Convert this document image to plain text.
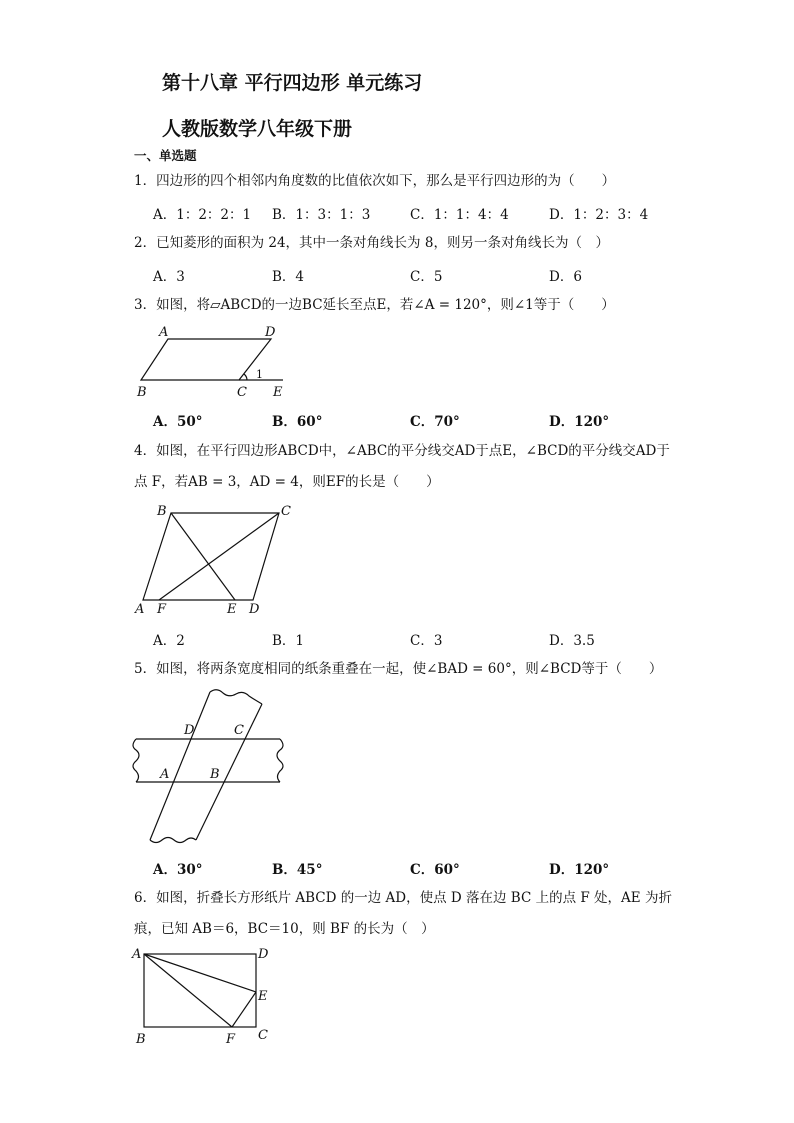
第十八章 平行四边形 单元练习
人教版数学八年级下册
一、单选题
1．四边形的四个相邻内角度数的比值依次如下，那么是平行四边形的为（　　）
A．1：2：2：1 B．1：3：1：3	C．1：1：4：4	D．1：2：3：4
2．已知菱形的面积为 24，其中一条对角线长为 8，则另一条对角线长为（　）
A．3	B．4	C．5	D．6
3．如图，将▱ABCD的一边BC延长至点E，若∠A = 120°，则∠1等于（　　）
A	D
B	C E
1
A．50°	B．60°	C．70°	D．120°
4．如图，在平行四边形ABCD中，∠ABC的平分线交AD于点E，∠BCD的平分线交AD于
点 F，若AB = 3，AD = 4，则EF的长是（　　）
B	C
A F	E D
A．2	B．1	C．3	D．3.5
5．如图，将两条宽度相同的纸条重叠在一起，使∠BAD = 60°，则∠BCD等于（　　）
D	C
A	B
A．30°	B．45°	C．60°	D．120°
6．如图，折叠长方形纸片 ABCD 的一边 AD，使点 D 落在边 BC 上的点 F 处，AE 为折
痕，已知 AB＝6，BC＝10，则 BF 的长为（　）
A	D
E
B	F C
